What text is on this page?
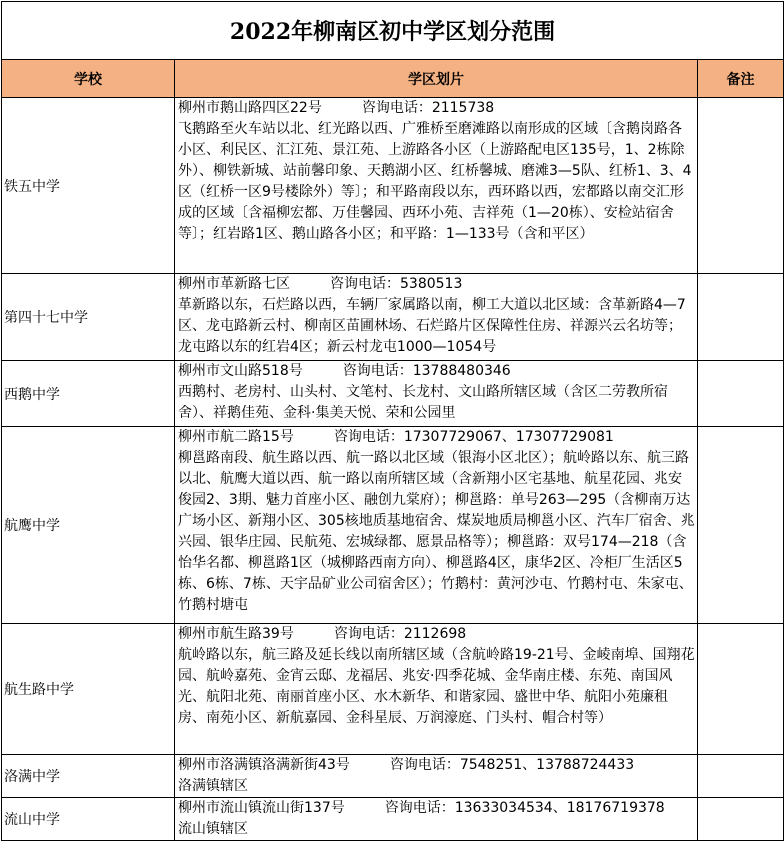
2022年柳南区初中学区划分范围		
学校	学区划片	备注
铁五中学	柳州市鹅山路四区22号 咨询电话：2115738
飞鹅路至火车站以北、红光路以西、广雅桥至磨滩路以南形成的区域〔含鹅岗路各小区、利民区、汇江苑、景江苑、上游路各小区（上游路配电区135号，1、2栋除外）、柳铁新城、站前馨印象、天鹅湖小区、红桥馨城、磨滩3—5队、红桥1、3、4区（红桥一区9号楼除外）等〕；和平路南段以东，西环路以西，宏都路以南交汇形成的区域〔含福柳宏都、万佳馨园、西环小苑、吉祥苑（1—20栋）、安检站宿舍等〕；红岩路1区、鹅山路各小区；和平路：1—133号（含和平区）	

第四十七中学	柳州市革新路七区 咨询电话：5380513
革新路以东，石烂路以西，车辆厂家属路以南，柳工大道以北区域：含革新路4—7区、龙屯路新云村、柳南区苗圃林场、石烂路片区保障性住房、祥源兴云名坊等；龙屯路以东的红岩4区；新云村龙屯1000—1054号	

西鹅中学	柳州市文山路518号 咨询电话：13788480346
西鹅村、老房村、山头村、文笔村、长龙村、文山路所辖区域（含区二劳教所宿舍）、祥鹅佳苑、金科·集美天悦、荣和公园里	

航鹰中学	柳州市航二路15号 咨询电话：17307729067、17307729081
柳邕路南段、航生路以西、航一路以北区域（银海小区北区）；航岭路以东、航三路以北、航鹰大道以西、航一路以南所辖区域（含新翔小区宅基地、航星花园、兆安俊园2、3期、魅力首座小区、融创九棠府）；柳邕路：单号263—295（含柳南万达广场小区、新翔小区、305核地质基地宿舍、煤炭地质局柳邕小区、汽车厂宿舍、兆兴园、银华庄园、民航苑、宏城绿都、愿景品格等）；柳邕路：双号174—218（含怡华名都、柳邕路1区（城柳路西南方向）、柳邕路4区，康华2区、冷柜厂生活区5栋、6栋、7栋、天宇品矿业公司宿舍区）；竹鹅村：黄河沙屯、竹鹅村屯、朱家屯、竹鹅村塘屯	

航生路中学	柳州市航生路39号 咨询电话：2112698
航岭路以东，航三路及延长线以南所辖区域（含航岭路19-21号、金崚南埠、国翔花园、航岭嘉苑、金宵云邸、龙福居、兆安·四季花城、金华南庄楼、东苑、南国风光、航阳北苑、南丽首座小区、水木新华、和谐家园、盛世中华、航阳小苑廉租房、南苑小区、新航嘉园、金科星辰、万润濠庭、门头村、帽合村等）	

洛满中学	柳州市洛满镇洛满新街43号 咨询电话：7548251、13788724433
洛满镇辖区	

流山中学	柳州市流山镇流山街137号 咨询电话：13633034534、18176719378
流山镇辖区	
